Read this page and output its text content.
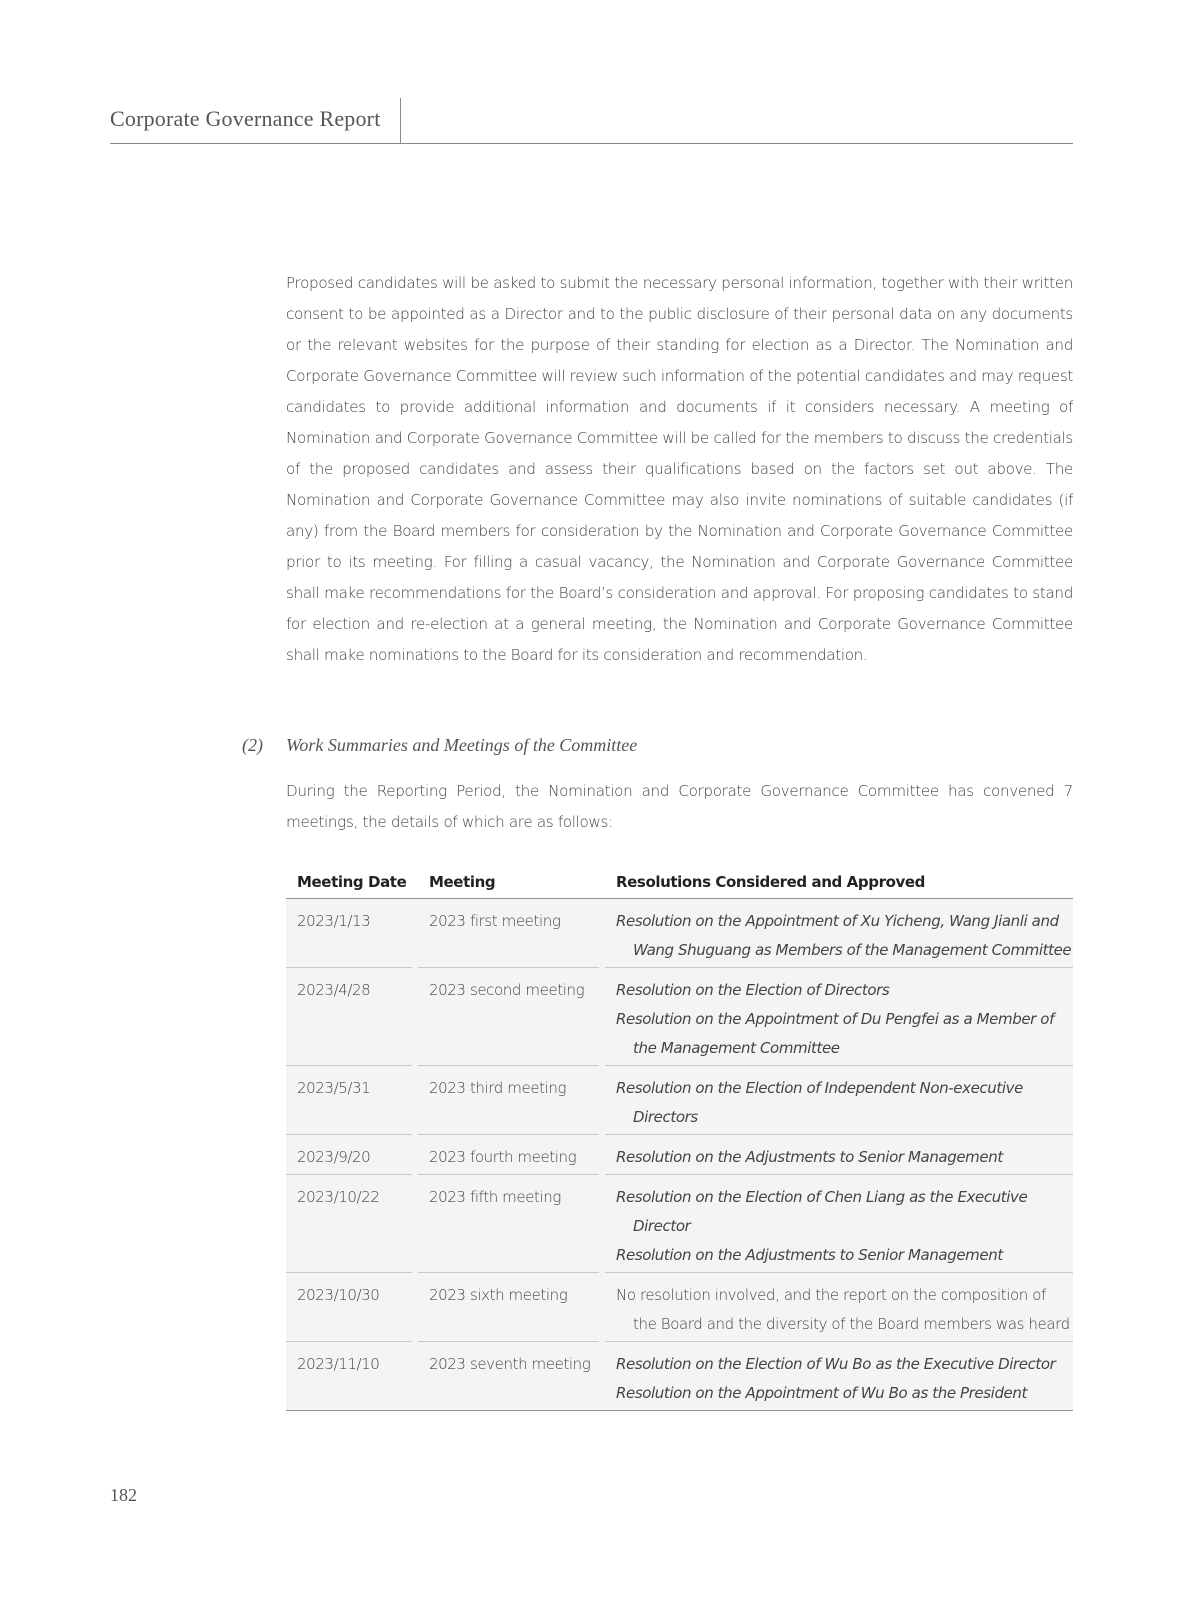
Corporate Governance Report

Proposed candidates will be asked to submit the necessary personal information, together with their written consent to be appointed as a Director and to the public disclosure of their personal data on any documents or the relevant websites for the purpose of their standing for election as a Director. The Nomination and Corporate Governance Committee will review such information of the potential candidates and may request candidates to provide additional information and documents if it considers necessary. A meeting of Nomination and Corporate Governance Committee will be called for the members to discuss the credentials of the proposed candidates and assess their qualifications based on the factors set out above. The Nomination and Corporate Governance Committee may also invite nominations of suitable candidates (if any) from the Board members for consideration by the Nomination and Corporate Governance Committee prior to its meeting. For filling a casual vacancy, the Nomination and Corporate Governance Committee shall make recommendations for the Board’s consideration and approval. For proposing candidates to stand for election and re-election at a general meeting, the Nomination and Corporate Governance Committee shall make nominations to the Board for its consideration and recommendation.

(2) Work Summaries and Meetings of the Committee

During the Reporting Period, the Nomination and Corporate Governance Committee has convened 7 meetings, the details of which are as follows:

Meeting Date	Meeting	Resolutions Considered and Approved
2023/1/13	2023 first meeting	Resolution on the Appointment of Xu Yicheng, Wang Jianli and Wang Shuguang as Members of the Management Committee
2023/4/28	2023 second meeting	Resolution on the Election of Directors
Resolution on the Appointment of Du Pengfei as a Member of the Management Committee
2023/5/31	2023 third meeting	Resolution on the Election of Independent Non-executive Directors
2023/9/20	2023 fourth meeting	Resolution on the Adjustments to Senior Management
2023/10/22	2023 fifth meeting	Resolution on the Election of Chen Liang as the Executive Director
Resolution on the Adjustments to Senior Management
2023/10/30	2023 sixth meeting	No resolution involved, and the report on the composition of the Board and the diversity of the Board members was heard
2023/11/10	2023 seventh meeting	Resolution on the Election of Wu Bo as the Executive Director
Resolution on the Appointment of Wu Bo as the President
182
